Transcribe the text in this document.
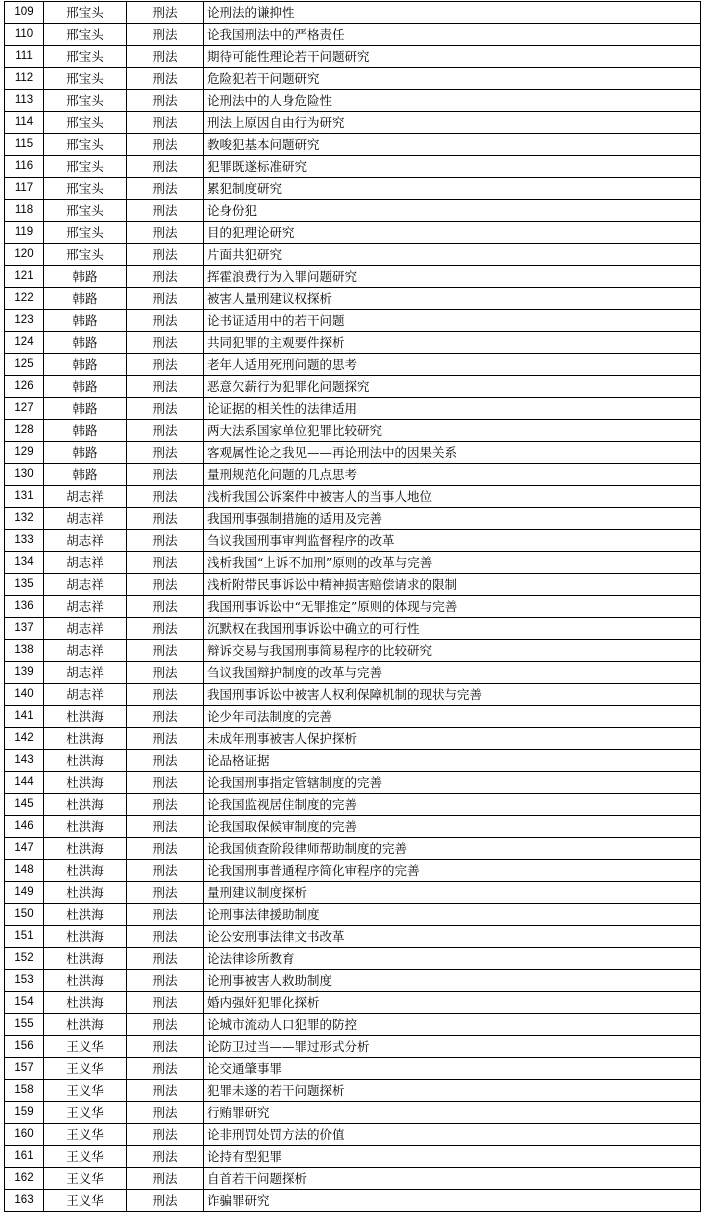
109	邢宝头	刑法	论刑法的谦抑性
110	邢宝头	刑法	论我国刑法中的严格责任
111	邢宝头	刑法	期待可能性理论若干问题研究
112	邢宝头	刑法	危险犯若干问题研究
113	邢宝头	刑法	论刑法中的人身危险性
114	邢宝头	刑法	刑法上原因自由行为研究
115	邢宝头	刑法	教唆犯基本问题研究
116	邢宝头	刑法	犯罪既遂标准研究
117	邢宝头	刑法	累犯制度研究
118	邢宝头	刑法	论身份犯
119	邢宝头	刑法	目的犯理论研究
120	邢宝头	刑法	片面共犯研究
121	韩路	刑法	挥霍浪费行为入罪问题研究
122	韩路	刑法	被害人量刑建议权探析
123	韩路	刑法	论书证适用中的若干问题
124	韩路	刑法	共同犯罪的主观要件探析
125	韩路	刑法	老年人适用死刑问题的思考
126	韩路	刑法	恶意欠薪行为犯罪化问题探究
127	韩路	刑法	论证据的相关性的法律适用
128	韩路	刑法	两大法系国家单位犯罪比较研究
129	韩路	刑法	客观属性论之我见——再论刑法中的因果关系
130	韩路	刑法	量刑规范化问题的几点思考
131	胡志祥	刑法	浅析我国公诉案件中被害人的当事人地位
132	胡志祥	刑法	我国刑事强制措施的适用及完善
133	胡志祥	刑法	刍议我国刑事审判监督程序的改革
134	胡志祥	刑法	浅析我国“上诉不加刑”原则的改革与完善
135	胡志祥	刑法	浅析附带民事诉讼中精神损害赔偿请求的限制
136	胡志祥	刑法	我国刑事诉讼中“无罪推定”原则的体现与完善
137	胡志祥	刑法	沉默权在我国刑事诉讼中确立的可行性
138	胡志祥	刑法	辩诉交易与我国刑事简易程序的比较研究
139	胡志祥	刑法	刍议我国辩护制度的改革与完善
140	胡志祥	刑法	我国刑事诉讼中被害人权利保障机制的现状与完善
141	杜洪海	刑法	论少年司法制度的完善
142	杜洪海	刑法	未成年刑事被害人保护探析
143	杜洪海	刑法	论品格证据
144	杜洪海	刑法	论我国刑事指定管辖制度的完善
145	杜洪海	刑法	论我国监视居住制度的完善
146	杜洪海	刑法	论我国取保候审制度的完善
147	杜洪海	刑法	论我国侦查阶段律师帮助制度的完善
148	杜洪海	刑法	论我国刑事普通程序简化审程序的完善
149	杜洪海	刑法	量刑建议制度探析
150	杜洪海	刑法	论刑事法律援助制度
151	杜洪海	刑法	论公安刑事法律文书改革
152	杜洪海	刑法	论法律诊所教育
153	杜洪海	刑法	论刑事被害人救助制度
154	杜洪海	刑法	婚内强奸犯罪化探析
155	杜洪海	刑法	论城市流动人口犯罪的防控
156	王义华	刑法	论防卫过当——罪过形式分析
157	王义华	刑法	论交通肇事罪
158	王义华	刑法	犯罪未遂的若干问题探析
159	王义华	刑法	行贿罪研究
160	王义华	刑法	论非刑罚处罚方法的价值
161	王义华	刑法	论持有型犯罪
162	王义华	刑法	自首若干问题探析
163	王义华	刑法	诈骗罪研究
